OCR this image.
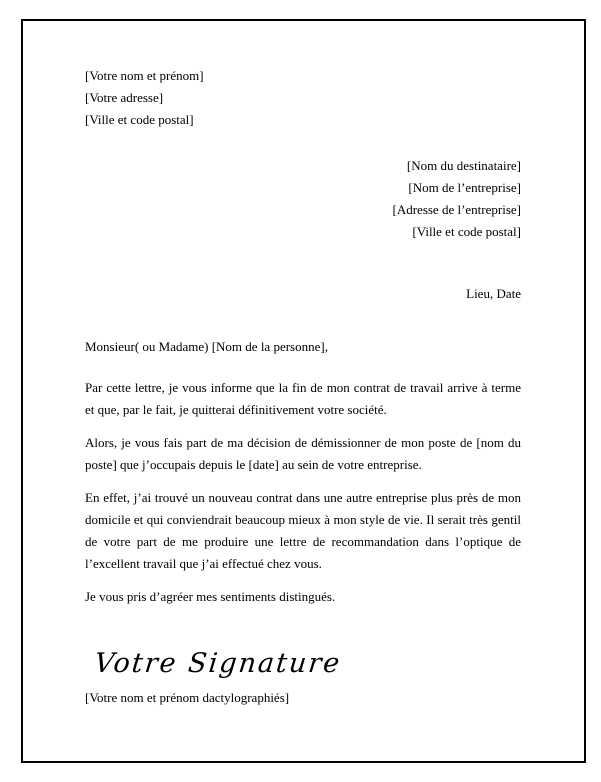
[Votre nom et prénom]
[Votre adresse]
[Ville et code postal]
[Nom du destinataire]
[Nom de l’entreprise]
[Adresse de l’entreprise]
[Ville et code postal]
Lieu, Date
Monsieur( ou Madame) [Nom de la personne],

Par cette lettre, je vous informe que la fin de mon contrat de travail arrive à terme et que, par le fait, je quitterai définitivement votre société.

Alors, je vous fais part de ma décision de démissionner de mon poste de [nom du poste] que j’occupais depuis le [date] au sein de votre entreprise.

En effet, j’ai trouvé un nouveau contrat dans une autre entreprise plus près de mon domicile et qui conviendrait beaucoup mieux à mon style de vie. Il serait très gentil de votre part de me produire une lettre de recommandation dans l’optique de l’excellent travail que j’ai effectué chez vous.

Je vous pris d’agréer mes sentiments distingués.

Votre Signature
[Votre nom et prénom dactylographiés]
